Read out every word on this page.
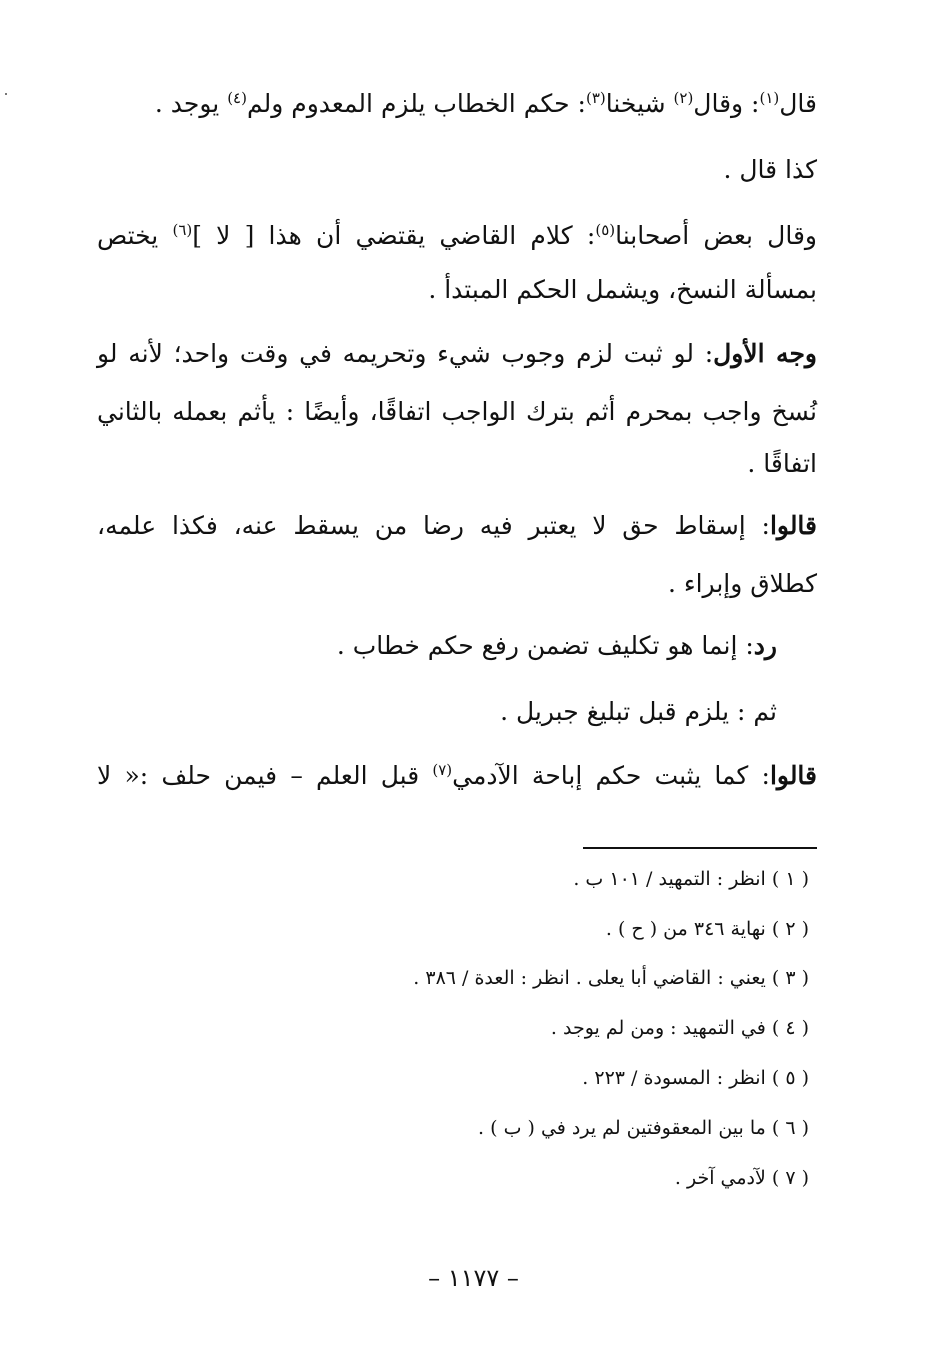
قال$^{(١)}$: وقال$^{(٢)}$ شيخنا$^{(٣)}$: حكم الخطاب يلزم المعدوم ولم$^{(٤)}$ يوجد .
كذا قال .
وقال بعض أصحابنا$^{(٥)}$: كلام القاضي يقتضي أن هذا [ لا ]$^{(٦)}$ يختص
بمسألة النسخ، ويشمل الحكم المبتدأ .
وجه الأول: لو ثبت لزم وجوب شيء وتحريمه في وقت واحد؛ لأنه لو
نُسخ واجب بمحرم أثم بترك الواجب اتفاقًا، وأيضًا : يأثم بعمله بالثاني
اتفاقًا .
قالوا: إسقاط حق لا يعتبر فيه رضا من يسقط عنه، فكذا علمه،
كطلاق وإبراء .
رد: إنما هو تكليف تضمن رفع حكم خطاب .
ثم : يلزم قبل تبليغ جبريل .
قالوا: كما يثبت حكم إباحة الآدمي$^{(٧)}$ قبل العلم – فيمن حلف :« لا
( ١ ) انظر : التمهيد / ١٠١ ب .
( ٢ ) نهاية ٣٤٦ من ( ح ) .
( ٣ ) يعني : القاضي أبا يعلى . انظر : العدة / ٣٨٦ .
( ٤ ) في التمهيد : ومن لم يوجد .
( ٥ ) انظر : المسودة / ٢٢٣ .
( ٦ ) ما بين المعقوفتين لم يرد في ( ب ) .
( ٧ ) لآدمي آخر .
– ١١٧٧ –
